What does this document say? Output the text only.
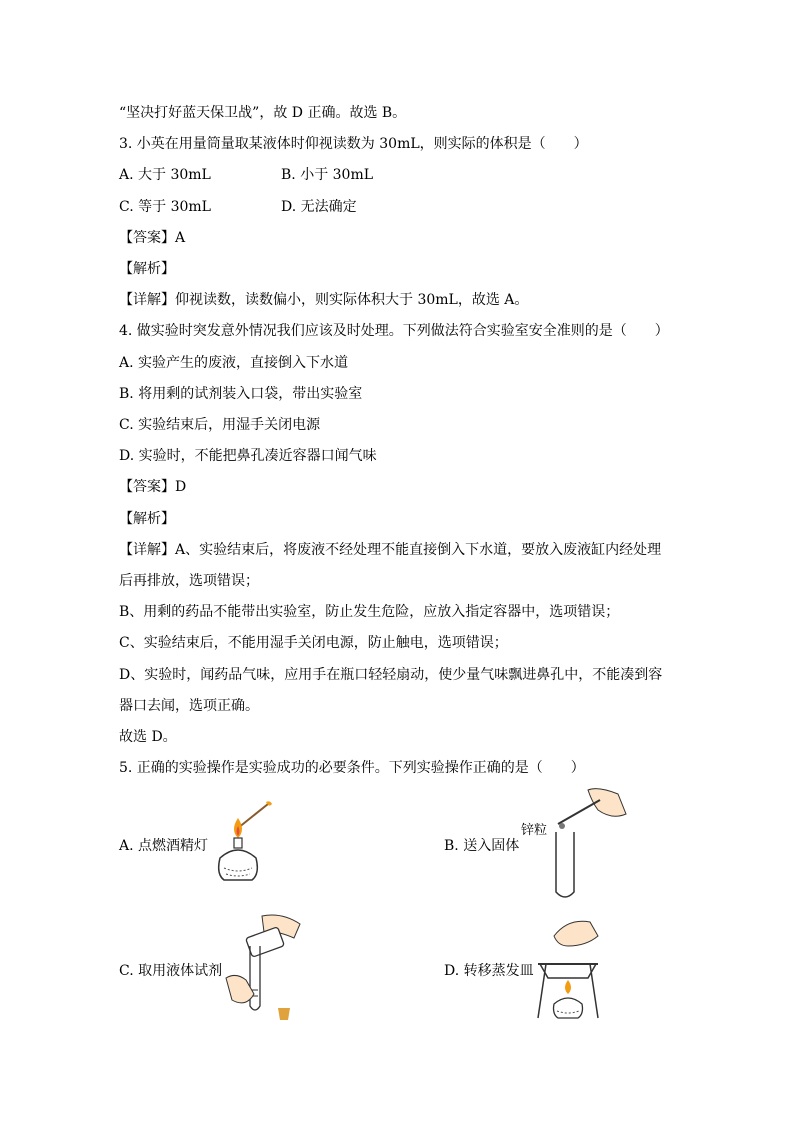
“坚决打好蓝天保卫战”，故 D 正确。故选 B。
3. 小英在用量筒量取某液体时仰视读数为 30mL，则实际的体积是（　　）
A. 大于 30mL	B. 小于 30mL
C. 等于 30mL	D. 无法确定
【答案】A
【解析】
【详解】仰视读数，读数偏小，则实际体积大于 30mL，故选 A。
4. 做实验时突发意外情况我们应该及时处理。下列做法符合实验室安全准则的是（　　）
A. 实验产生的废液，直接倒入下水道
B. 将用剩的试剂装入口袋，带出实验室
C. 实验结束后，用湿手关闭电源
D. 实验时，不能把鼻孔凑近容器口闻气味
【答案】D
【解析】
【详解】A、实验结束后，将废液不经处理不能直接倒入下水道，要放入废液缸内经处理
后再排放，选项错误；
B、用剩的药品不能带出实验室，防止发生危险，应放入指定容器中，选项错误；
C、实验结束后，不能用湿手关闭电源，防止触电，选项错误；
D、实验时，闻药品气味，应用手在瓶口轻轻扇动，使少量气味飘进鼻孔中，不能凑到容
器口去闻，选项正确。
故选 D。
5. 正确的实验操作是实验成功的必要条件。下列实验操作正确的是（　　）
A. 点燃酒精灯	B. 送入固体
C. 取用液体试剂	D. 转移蒸发皿
锌粒
